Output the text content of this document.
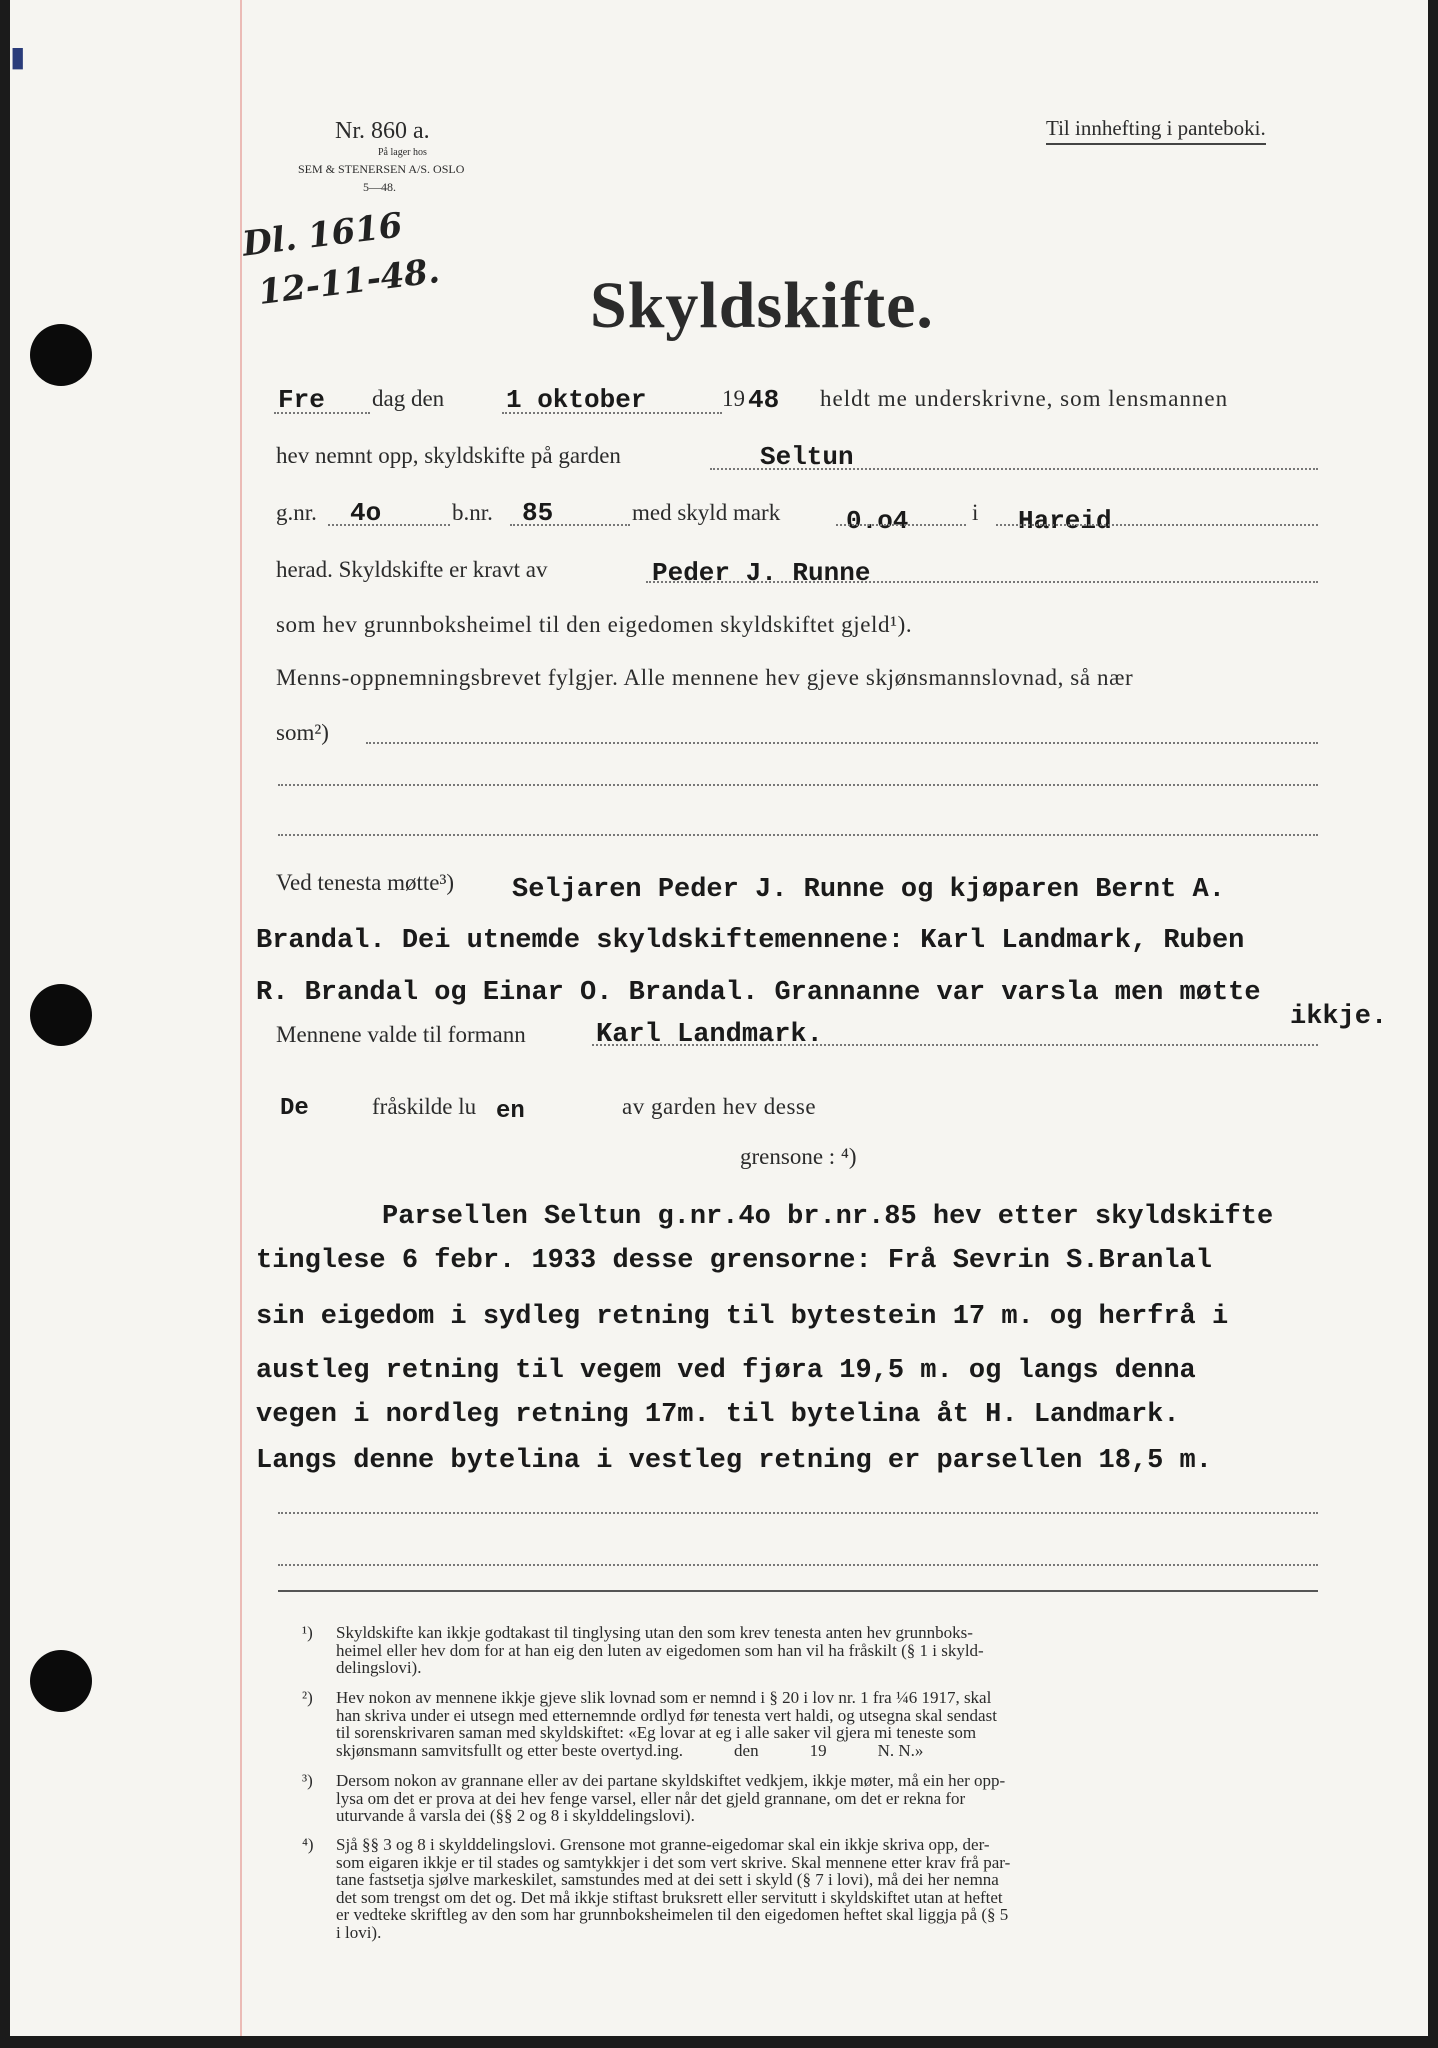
▮
Nr. 860 a.
På lager hos
SEM & STENERSEN A/S. OSLO
5—48.
Til innhefting i panteboki.
Dl. 1616
12-11-48. Skyldskifte.
Fre dag den 1 oktober	19 48 heldt me underskrivne, som lensmannen
hev nemnt opp, skyldskifte på garden	Seltun
g.nr. 4o	b.nr. 85	med skyld mark	0.o4	i Hareid
herad. Skyldskifte er kravt av	Peder J. Runne
som hev grunnboksheimel til den eigedomen skyldskiftet gjeld¹).
Menns-oppnemningsbrevet fylgjer. Alle mennene hev gjeve skjønsmannslovnad, så nær
som²)
Ved tenesta møtte³) Seljaren Peder J. Runne og kjøparen Bernt A.
Brandal. Dei utnemde skyldskiftemennene: Karl Landmark, Ruben
R. Brandal og Einar O. Brandal. Grannanne var varsla men møtte
ikkje.
Mennene valde til formann	Karl Landmark.
De	fråskilde lu en	av garden hev desse
grensone : ⁴)
Parsellen Seltun g.nr.4o br.nr.85 hev etter skyldskifte
tinglese 6 febr. 1933 desse grensorne: Frå Sevrin S.Branlal
sin eigedom i sydleg retning til bytestein 17 m. og herfrå i
austleg retning til vegem ved fjøra 19,5 m. og langs denna
vegen i nordleg retning 17m. til bytelina åt H. Landmark.
Langs denne bytelina i vestleg retning er parsellen 18,5 m.
¹) Skyldskifte kan ikkje godtakast til tinglysing utan den som krev tenesta anten hev grunnboks-
heimel eller hev dom for at han eig den luten av eigedomen som han vil ha fråskilt (§ 1 i skyld-
delingslovi).
²) Hev nokon av mennene ikkje gjeve slik lovnad som er nemnd i § 20 i lov nr. 1 fra ¼6 1917, skal
han skriva under ei utsegn med etternemnde ordlyd før tenesta vert haldi, og utsegna skal sendast
til sorenskrivaren saman med skyldskiftet: «Eg lovar at eg i alle saker vil gjera mi teneste som
skjønsmann samvitsfullt og etter beste overtyd.ing.            den            19            N. N.»
³) Dersom nokon av grannane eller av dei partane skyldskiftet vedkjem, ikkje møter, må ein her opp-
lysa om det er prova at dei hev fenge varsel, eller når det gjeld grannane, om det er rekna for
uturvande å varsla dei (§§ 2 og 8 i skylddelingslovi).
⁴) Sjå §§ 3 og 8 i skylddelingslovi. Grensone mot granne-eigedomar skal ein ikkje skriva opp, der-
som eigaren ikkje er til stades og samtykkjer i det som vert skrive. Skal mennene etter krav frå par-
tane fastsetja sjølve markeskilet, samstundes med at dei sett i skyld (§ 7 i lovi), må dei her nemna
det som trengst om det og. Det må ikkje stiftast bruksrett eller servitutt i skyldskiftet utan at heftet
er vedteke skriftleg av den som har grunnboksheimelen til den eigedomen heftet skal liggja på (§ 5
i lovi).
